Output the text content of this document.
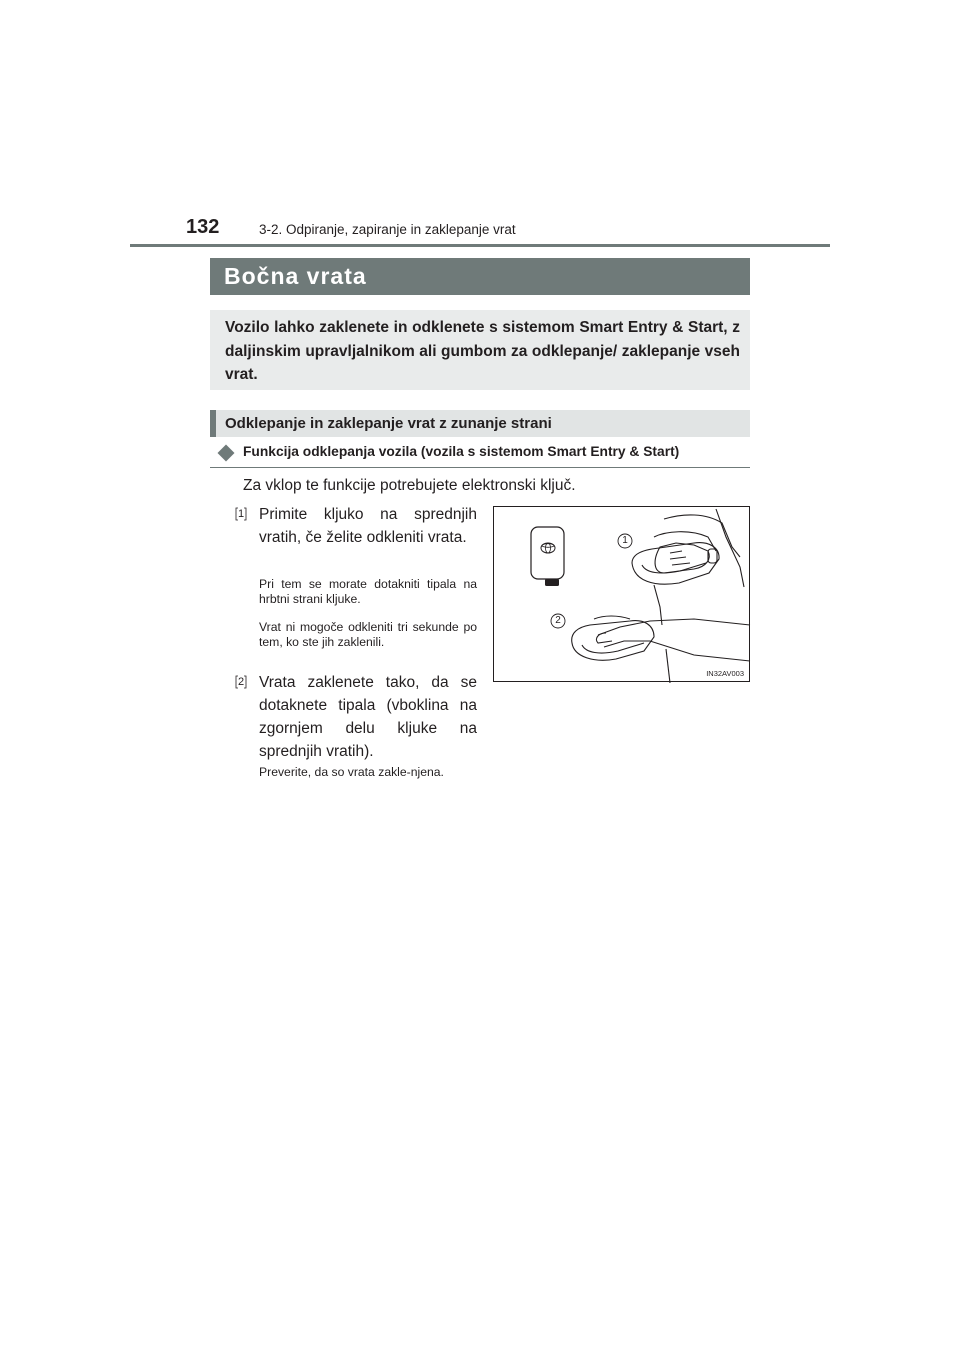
132	3-2. Odpiranje, zapiranje in zaklepanje vrat
Bočna vrata
Vozilo lahko zaklenete in odklenete s sistemom Smart Entry & Start, z daljinskim upravljalnikom ali gumbom za odklepanje/ zaklepanje vseh vrat.
Odklepanje in zaklepanje vrat z zunanje strani
Funkcija odklepanja vozila (vozila s sistemom Smart Entry & Start)
Za vklop te funkcije potrebujete elektronski ključ.
1 Primite kljuko na sprednjih vratih, če želite odkleniti vrata.
Pri tem se morate dotakniti tipala na hrbtni strani kljuke.
Vrat ni mogoče odkleniti tri sekunde po tem, ko ste jih zaklenili.
2 Vrata zaklenete tako, da se dotaknete tipala (vboklina na zgornjem delu kljuke na sprednjih vratih).
Preverite, da so vrata zakle-njena.
1
2
IN32AV003
